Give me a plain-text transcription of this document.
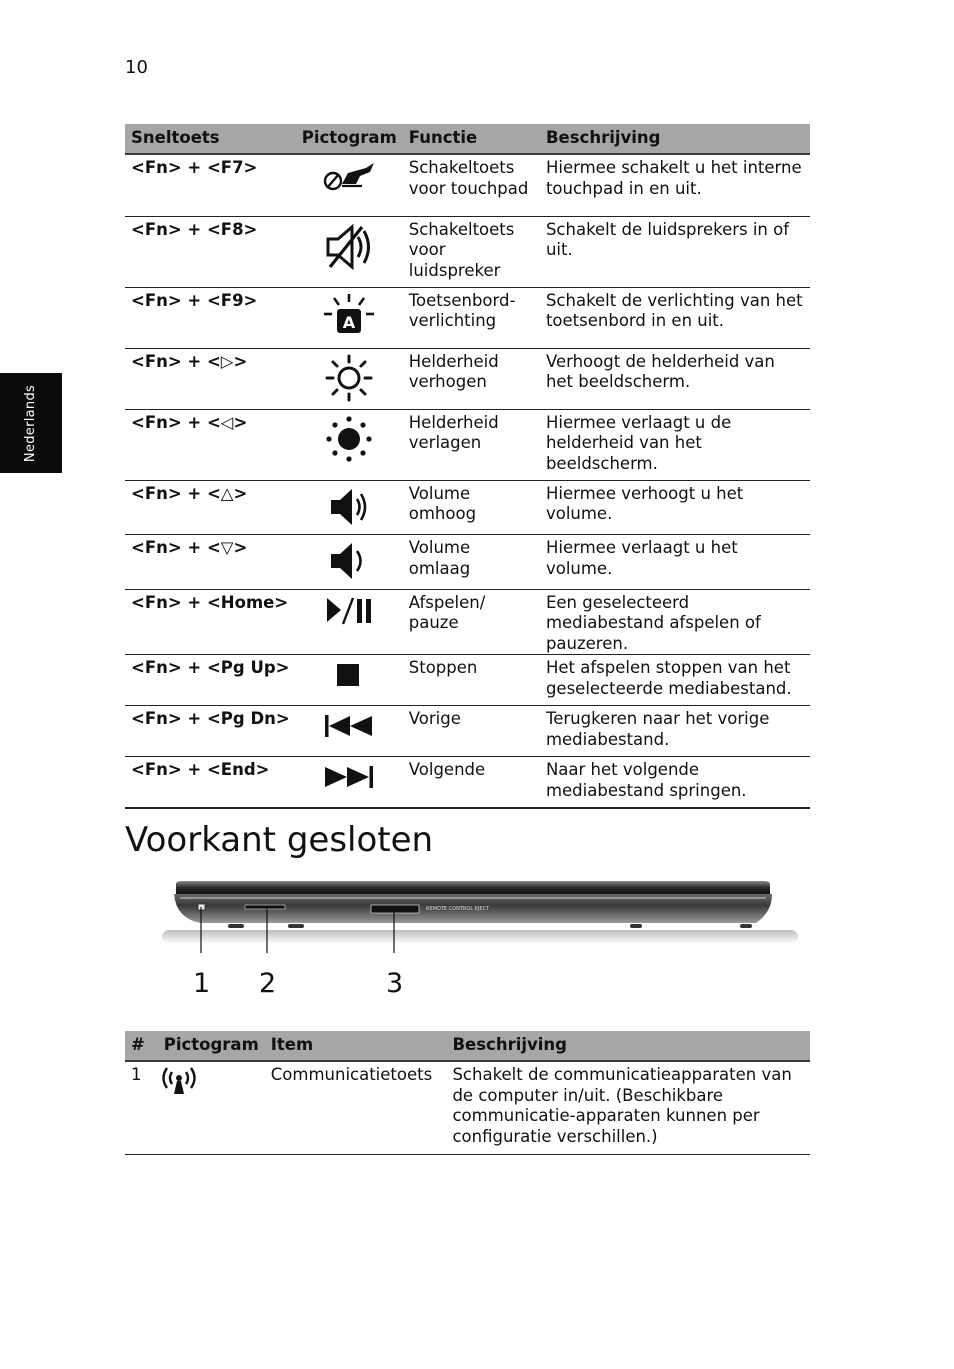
10
Nederlands
Sneltoets	Pictogram	Functie	Beschrijving
<Fn> + <F7>		Schakeltoets voor touchpad	Hiermee schakelt u het interne touchpad in en uit.
<Fn> + <F8>		Schakeltoets voor luidspreker	Schakelt de luidsprekers in of uit.
<Fn> + <F9>	A	Toetsenbord-verlichting	Schakelt de verlichting van het toetsenbord in en uit.
<Fn> + <▷>		Helderheid verhogen	Verhoogt de helderheid van het beeldscherm.
<Fn> + <◁>		Helderheid verlagen	Hiermee verlaagt u de helderheid van het beeldscherm.
<Fn> + <△>		Volume omhoog	Hiermee verhoogt u het volume.
<Fn> + <▽>		Volume omlaag	Hiermee verlaagt u het volume.
<Fn> + <Home>		Afspelen/ pauze	Een geselecteerd mediabestand afspelen of pauzeren.
<Fn> + <Pg Up>		Stoppen	Het afspelen stoppen van het geselecteerde mediabestand.
<Fn> + <Pg Dn>		Vorige	Terugkeren naar het vorige mediabestand.
<Fn> + <End>		Volgende	Naar het volgende mediabestand springen.
Voorkant gesloten
REMOTE CONTROL EJECT
1 2	3
#	Pictogram	Item	Beschrijving
1		Communicatietoets	Schakelt de communicatieapparaten van de computer in/uit. (Beschikbare communicatie-apparaten kunnen per configuratie verschillen.)
